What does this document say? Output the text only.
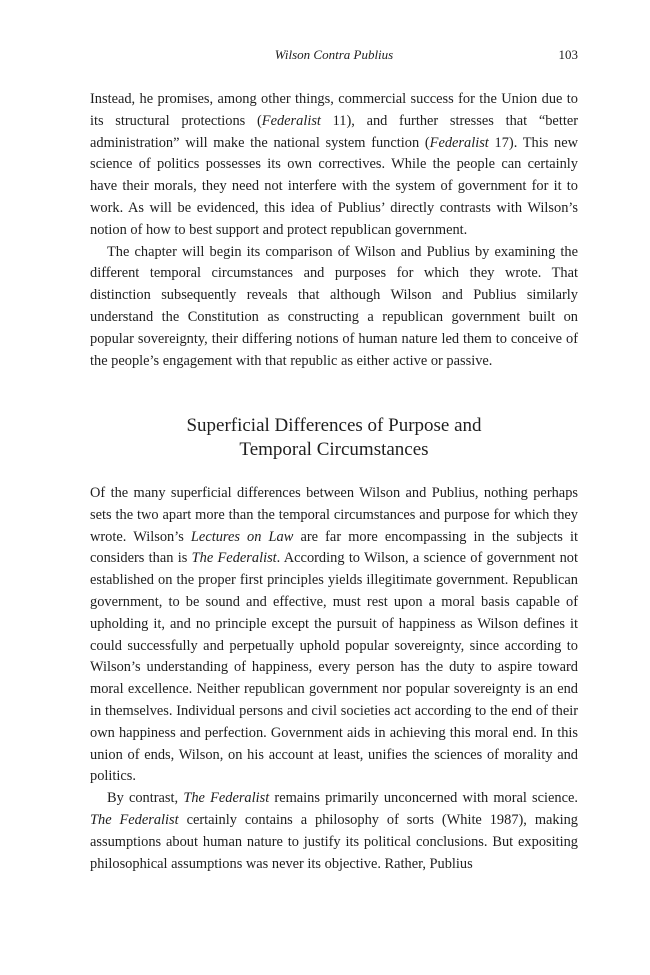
Wilson Contra Publius	103

Instead, he promises, among other things, commercial success for the Union due to its structural protections (Federalist 11), and further stresses that “better administration” will make the national system function (Federalist 17). This new science of politics possesses its own correctives. While the people can certainly have their morals, they need not interfere with the system of government for it to work. As will be evidenced, this idea of Publius’ directly contrasts with Wilson’s notion of how to best support and protect republican government.

The chapter will begin its comparison of Wilson and Publius by examining the different temporal circumstances and purposes for which they wrote. That distinction subsequently reveals that although Wilson and Publius similarly understand the Constitution as constructing a republican government built on popular sovereignty, their differing notions of human nature led them to conceive of the people’s engagement with that republic as either active or passive.

Superficial Differences of Purpose and
Temporal Circumstances

Of the many superficial differences between Wilson and Publius, nothing perhaps sets the two apart more than the temporal circumstances and purpose for which they wrote. Wilson’s Lectures on Law are far more encompassing in the subjects it considers than is The Federalist. According to Wilson, a science of government not established on the proper first principles yields illegitimate government. Republican government, to be sound and effective, must rest upon a moral basis capable of upholding it, and no principle except the pursuit of happiness as Wilson defines it could successfully and perpetually uphold popular sovereignty, since according to Wilson’s understanding of happiness, every person has the duty to aspire toward moral excellence. Neither republican government nor popular sovereignty is an end in themselves. Individual persons and civil societies act according to the end of their own happiness and perfection. Government aids in achieving this moral end. In this union of ends, Wilson, on his account at least, unifies the sciences of morality and politics.

By contrast, The Federalist remains primarily unconcerned with moral science. The Federalist certainly contains a philosophy of sorts (White 1987), making assumptions about human nature to justify its political conclusions. But expositing philosophical assumptions was never its objective. Rather, Publius
